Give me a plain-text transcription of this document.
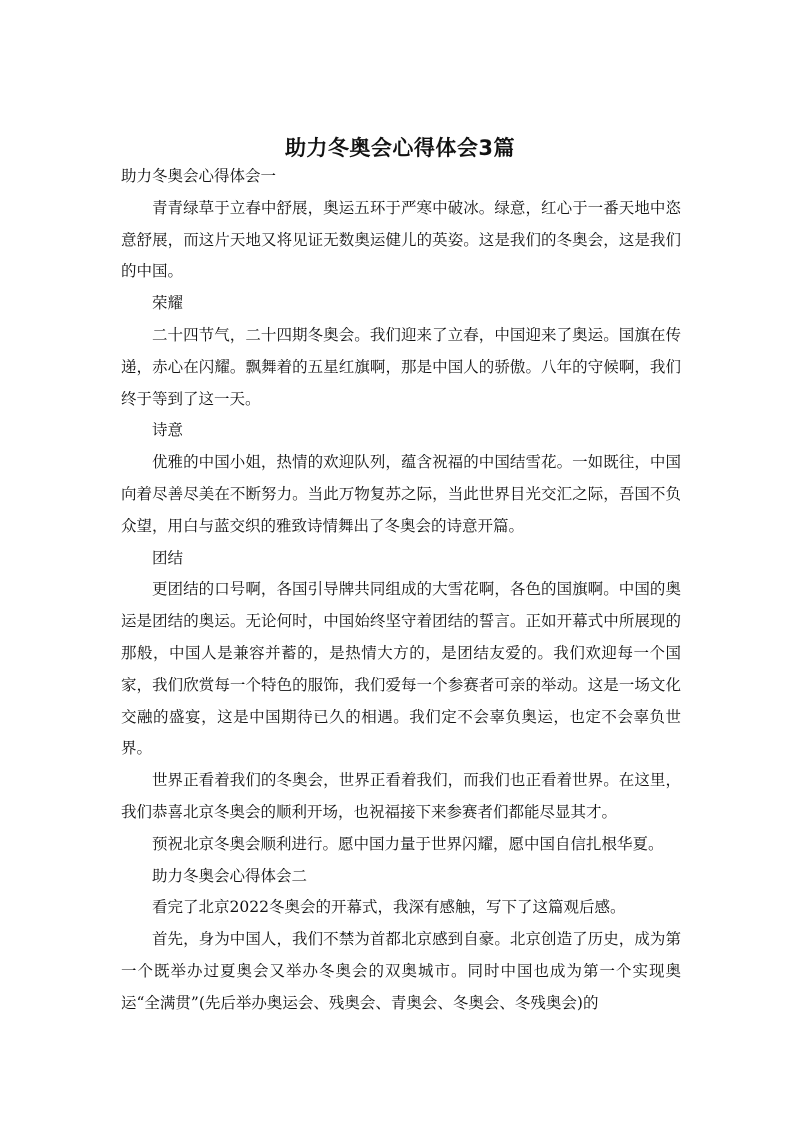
助力冬奥会心得体会3篇

助力冬奥会心得体会一

青青绿草于立春中舒展，奥运五环于严寒中破冰。绿意，红心于一番天地中恣意舒展，而这片天地又将见证无数奥运健儿的英姿。这是我们的冬奥会，这是我们的中国。

荣耀

二十四节气，二十四期冬奥会。我们迎来了立春，中国迎来了奥运。国旗在传递，赤心在闪耀。飘舞着的五星红旗啊，那是中国人的骄傲。八年的守候啊，我们终于等到了这一天。

诗意

优雅的中国小姐，热情的欢迎队列，蕴含祝福的中国结雪花。一如既往，中国向着尽善尽美在不断努力。当此万物复苏之际，当此世界目光交汇之际，吾国不负众望，用白与蓝交织的雅致诗情舞出了冬奥会的诗意开篇。

团结

更团结的口号啊，各国引导牌共同组成的大雪花啊，各色的国旗啊。中国的奥运是团结的奥运。无论何时，中国始终坚守着团结的誓言。正如开幕式中所展现的那般，中国人是兼容并蓄的，是热情大方的，是团结友爱的。我们欢迎每一个国家，我们欣赏每一个特色的服饰，我们爱每一个参赛者可亲的举动。这是一场文化交融的盛宴，这是中国期待已久的相遇。我们定不会辜负奥运，也定不会辜负世界。

世界正看着我们的冬奥会，世界正看着我们，而我们也正看着世界。在这里，我们恭喜北京冬奥会的顺利开场，也祝福接下来参赛者们都能尽显其才。

预祝北京冬奥会顺利进行。愿中国力量于世界闪耀，愿中国自信扎根华夏。

助力冬奥会心得体会二

看完了北京2022冬奥会的开幕式，我深有感触，写下了这篇观后感。

首先，身为中国人，我们不禁为首都北京感到自豪。北京创造了历史，成为第一个既举办过夏奥会又举办冬奥会的双奥城市。同时中国也成为第一个实现奥运“全满贯”(先后举办奥运会、残奥会、青奥会、冬奥会、冬残奥会)的
